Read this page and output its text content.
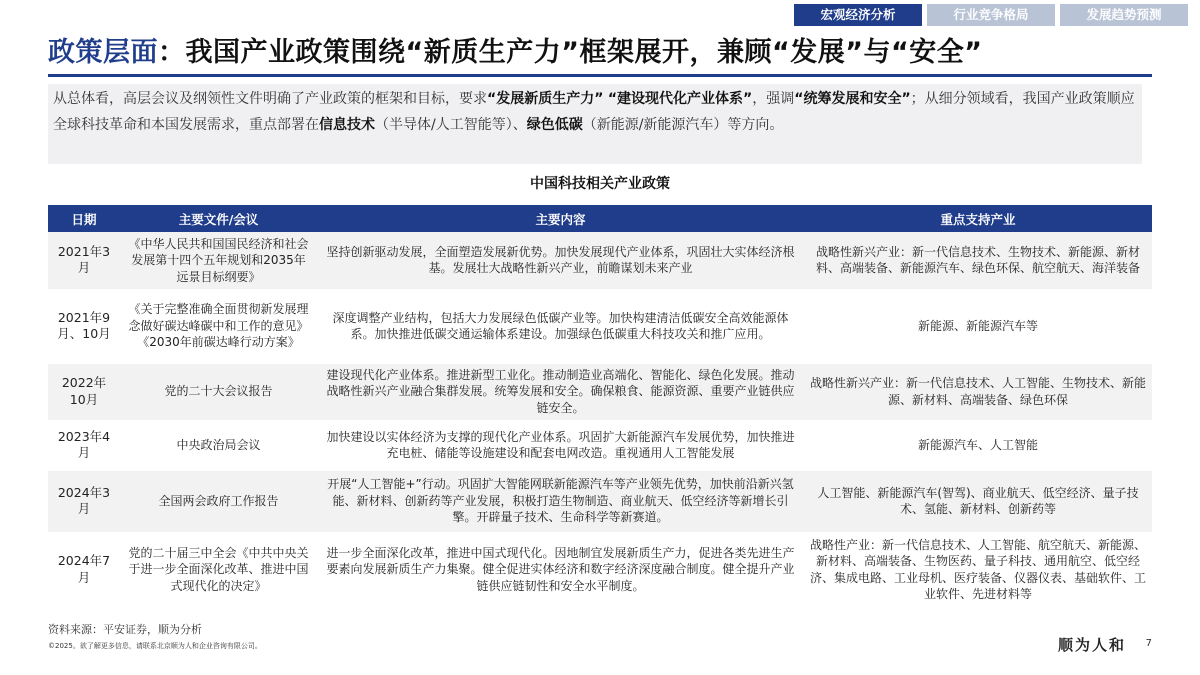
宏观经济分析	行业竞争格局	发展趋势预测
政策层面：我国产业政策围绕“新质生产力”框架展开，兼顾“发展”与“安全”
从总体看，高层会议及纲领性文件明确了产业政策的框架和目标，要求“发展新质生产力” “建设现代化产业体系”，强调“统筹发展和安全”；从细分领域看，我国产业政策顺应全球科技革命和本国发展需求，重点部署在信息技术（半导体/人工智能等）、绿色低碳（新能源/新能源汽车）等方向。
中国科技相关产业政策
日期	主要文件/会议	主要内容	重点支持产业
2021年3月	《中华人民共和国国民经济和社会发展第十四个五年规划和2035年远景目标纲要》	坚持创新驱动发展，全面塑造发展新优势。加快发展现代产业体系，巩固壮大实体经济根基。发展壮大战略性新兴产业，前瞻谋划未来产业	战略性新兴产业：新一代信息技术、生物技术、新能源、新材料、高端装备、新能源汽车、绿色环保、航空航天、海洋装备
2021年9月、10月	《关于完整准确全面贯彻新发展理念做好碳达峰碳中和工作的意见》《2030年前碳达峰行动方案》	深度调整产业结构，包括大力发展绿色低碳产业等。加快构建清洁低碳安全高效能源体系。加快推进低碳交通运输体系建设。加强绿色低碳重大科技攻关和推广应用。	新能源、新能源汽车等
2022年10月	党的二十大会议报告	建设现代化产业体系。推进新型工业化。推动制造业高端化、智能化、绿色化发展。推动战略性新兴产业融合集群发展。统筹发展和安全。确保粮食、能源资源、重要产业链供应链安全。	战略性新兴产业：新一代信息技术、人工智能、生物技术、新能源、新材料、高端装备、绿色环保
2023年4月	中央政治局会议	加快建设以实体经济为支撑的现代化产业体系。巩固扩大新能源汽车发展优势，加快推进充电桩、储能等设施建设和配套电网改造。重视通用人工智能发展	新能源汽车、人工智能
2024年3月	全国两会政府工作报告	开展“人工智能+”行动。巩固扩大智能网联新能源汽车等产业领先优势，加快前沿新兴氢能、新材料、创新药等产业发展，积极打造生物制造、商业航天、低空经济等新增长引擎。开辟量子技术、生命科学等新赛道。	人工智能、新能源汽车(智驾)、商业航天、低空经济、量子技术、氢能、新材料、创新药等
2024年7月	党的二十届三中全会《中共中央关于进一步全面深化改革、推进中国式现代化的决定》	进一步全面深化改革，推进中国式现代化。因地制宜发展新质生产力，促进各类先进生产要素向发展新质生产力集聚。健全促进实体经济和数字经济深度融合制度。健全提升产业链供应链韧性和安全水平制度。	战略性产业：新一代信息技术、人工智能、航空航天、新能源、新材料、高端装备、生物医药、量子科技、通用航空、低空经济、集成电路、工业母机、医疗装备、仪器仪表、基础软件、工业软件、先进材料等
资料来源：平安证券，顺为分析
©2025。欲了解更多信息，请联系北京顺为人和企业咨询有限公司。	顺为人和 7
